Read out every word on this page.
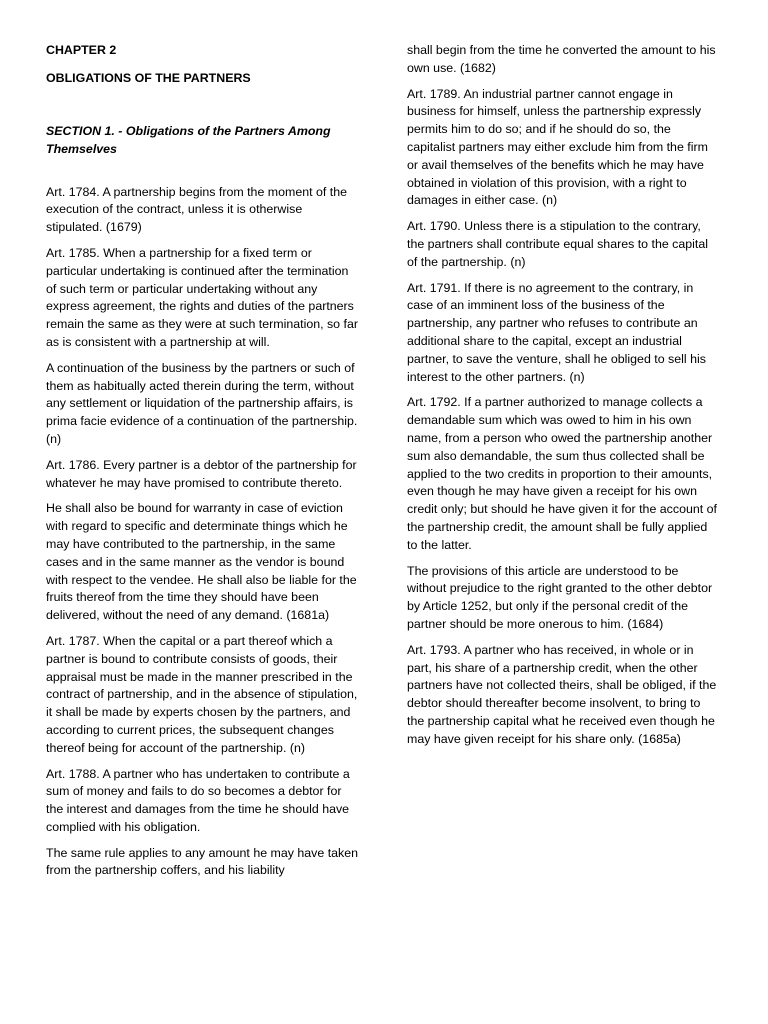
CHAPTER 2

OBLIGATIONS OF THE PARTNERS

SECTION 1. - Obligations of the Partners Among Themselves

Art. 1784. A partnership begins from the moment of the execution of the contract, unless it is otherwise stipulated. (1679)

Art. 1785. When a partnership for a fixed term or particular undertaking is continued after the termination of such term or particular undertaking without any express agreement, the rights and duties of the partners remain the same as they were at such termination, so far as is consistent with a partnership at will.

A continuation of the business by the partners or such of them as habitually acted therein during the term, without any settlement or liquidation of the partnership affairs, is prima facie evidence of a continuation of the partnership. (n)

Art. 1786. Every partner is a debtor of the partnership for whatever he may have promised to contribute thereto.

He shall also be bound for warranty in case of eviction with regard to specific and determinate things which he may have contributed to the partnership, in the same cases and in the same manner as the vendor is bound with respect to the vendee. He shall also be liable for the fruits thereof from the time they should have been delivered, without the need of any demand. (1681a)

Art. 1787. When the capital or a part thereof which a partner is bound to contribute consists of goods, their appraisal must be made in the manner prescribed in the contract of partnership, and in the absence of stipulation, it shall be made by experts chosen by the partners, and according to current prices, the subsequent changes thereof being for account of the partnership. (n)

Art. 1788. A partner who has undertaken to contribute a sum of money and fails to do so becomes a debtor for the interest and damages from the time he should have complied with his obligation.

The same rule applies to any amount he may have taken from the partnership coffers, and his liability

shall begin from the time he converted the amount to his own use. (1682)

Art. 1789. An industrial partner cannot engage in business for himself, unless the partnership expressly permits him to do so; and if he should do so, the capitalist partners may either exclude him from the firm or avail themselves of the benefits which he may have obtained in violation of this provision, with a right to damages in either case. (n)

Art. 1790. Unless there is a stipulation to the contrary, the partners shall contribute equal shares to the capital of the partnership. (n)

Art. 1791. If there is no agreement to the contrary, in case of an imminent loss of the business of the partnership, any partner who refuses to contribute an additional share to the capital, except an industrial partner, to save the venture, shall he obliged to sell his interest to the other partners. (n)

Art. 1792. If a partner authorized to manage collects a demandable sum which was owed to him in his own name, from a person who owed the partnership another sum also demandable, the sum thus collected shall be applied to the two credits in proportion to their amounts, even though he may have given a receipt for his own credit only; but should he have given it for the account of the partnership credit, the amount shall be fully applied to the latter.

The provisions of this article are understood to be without prejudice to the right granted to the other debtor by Article 1252, but only if the personal credit of the partner should be more onerous to him. (1684)

Art. 1793. A partner who has received, in whole or in part, his share of a partnership credit, when the other partners have not collected theirs, shall be obliged, if the debtor should thereafter become insolvent, to bring to the partnership capital what he received even though he may have given receipt for his share only. (1685a)
